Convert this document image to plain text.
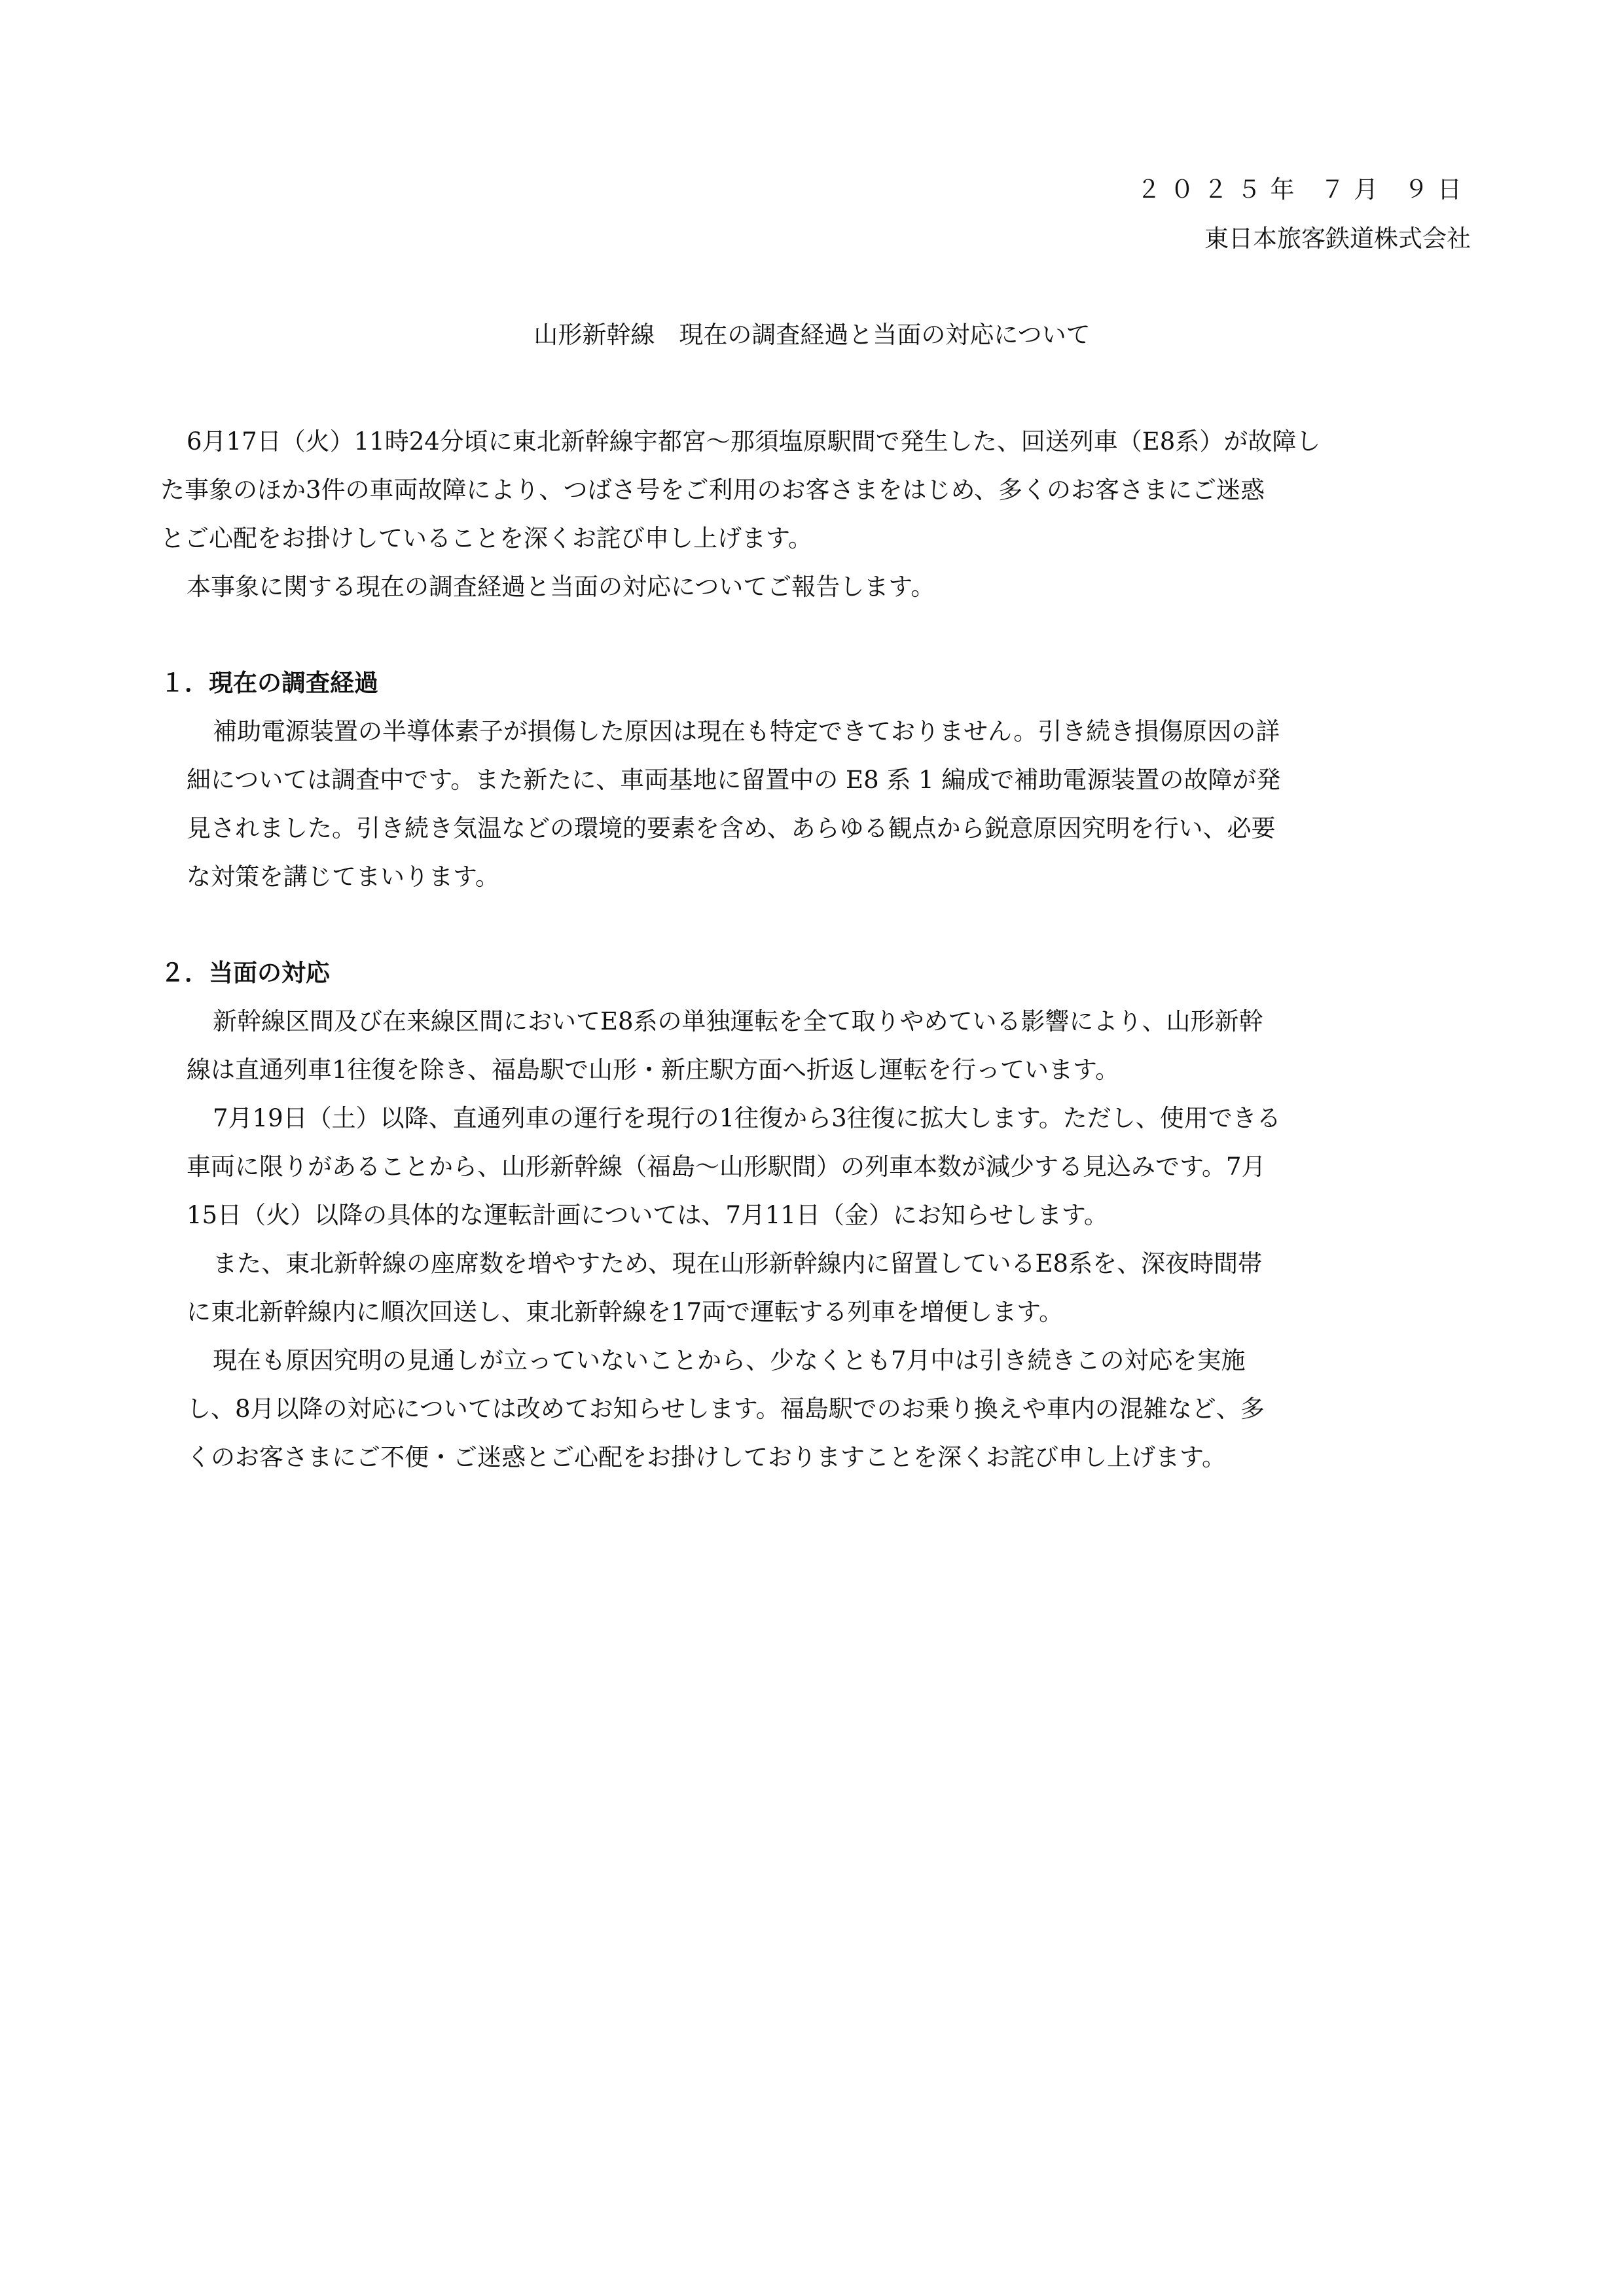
２０２５年 ７月 ９日
東日本旅客鉄道株式会社
山形新幹線　現在の調査経過と当面の対応について
6月17日（火）11時24分頃に東北新幹線宇都宮～那須塩原駅間で発生した、回送列車（E8系）が故障し
た事象のほか3件の車両故障により、つばさ号をご利用のお客さまをはじめ、多くのお客さまにご迷惑
とご心配をお掛けしていることを深くお詫び申し上げます。
本事象に関する現在の調査経過と当面の対応についてご報告します。
１．現在の調査経過
補助電源装置の半導体素子が損傷した原因は現在も特定できておりません。引き続き損傷原因の詳
細については調査中です。また新たに、車両基地に留置中の E8 系 1 編成で補助電源装置の故障が発
見されました。引き続き気温などの環境的要素を含め、あらゆる観点から鋭意原因究明を行い、必要
な対策を講じてまいります。
２．当面の対応
新幹線区間及び在来線区間においてE8系の単独運転を全て取りやめている影響により、山形新幹
線は直通列車1往復を除き、福島駅で山形・新庄駅方面へ折返し運転を行っています。
7月19日（土）以降、直通列車の運行を現行の1往復から3往復に拡大します。ただし、使用できる
車両に限りがあることから、山形新幹線（福島～山形駅間）の列車本数が減少する見込みです。7月
15日（火）以降の具体的な運転計画については、7月11日（金）にお知らせします。
また、東北新幹線の座席数を増やすため、現在山形新幹線内に留置しているE8系を、深夜時間帯
に東北新幹線内に順次回送し、東北新幹線を17両で運転する列車を増便します。
現在も原因究明の見通しが立っていないことから、少なくとも7月中は引き続きこの対応を実施
し、8月以降の対応については改めてお知らせします。福島駅でのお乗り換えや車内の混雑など、多
くのお客さまにご不便・ご迷惑とご心配をお掛けしておりますことを深くお詫び申し上げます。
